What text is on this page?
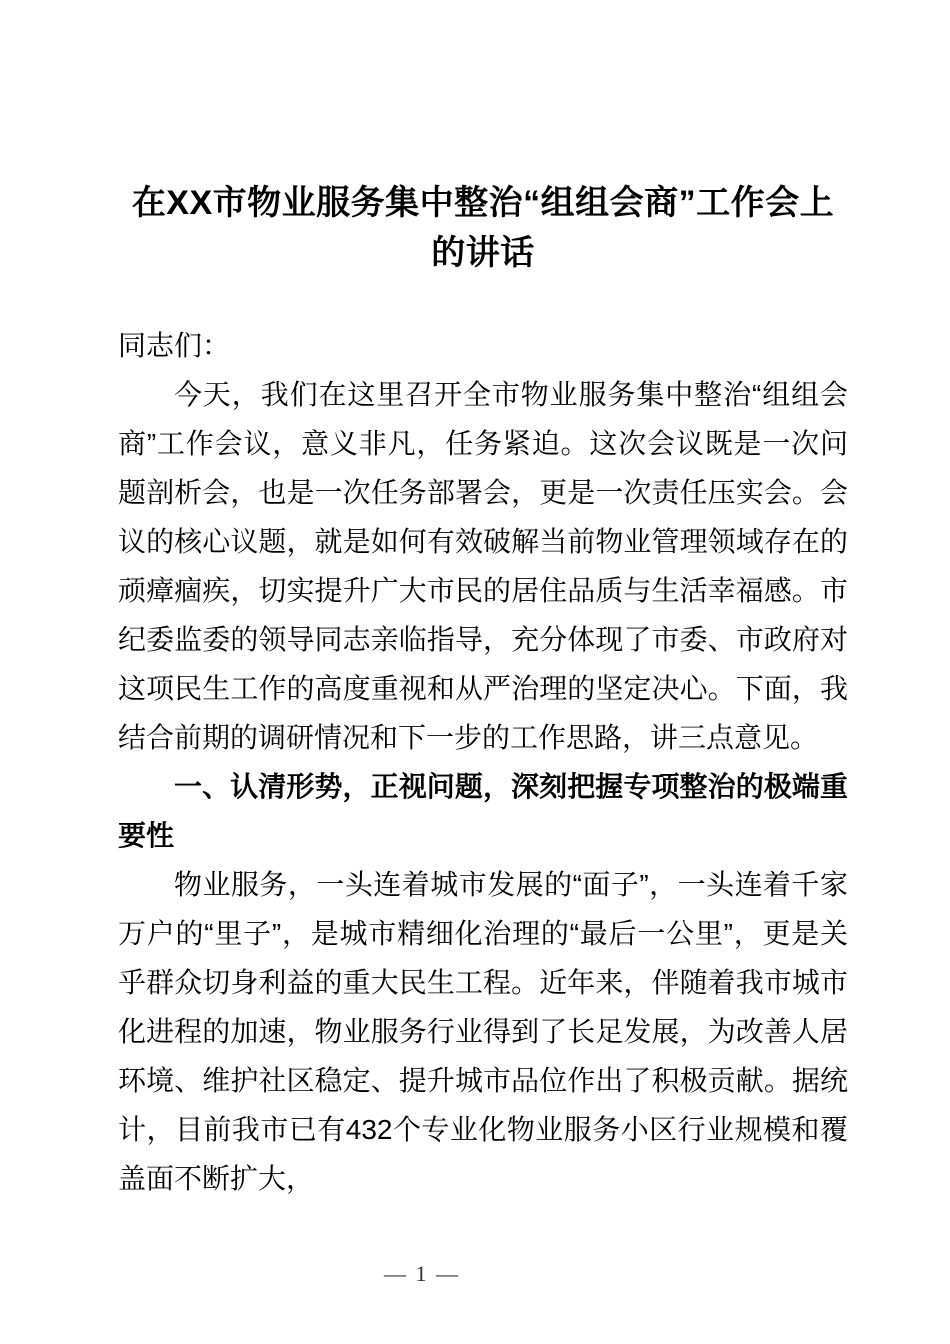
在XX市物业服务集中整治“组组会商”工作会上的讲话

同志们：

今天，我们在这里召开全市物业服务集中整治“组组会商”工作会议，意义非凡，任务紧迫。这次会议既是一次问题剖析会，也是一次任务部署会，更是一次责任压实会。会议的核心议题，就是如何有效破解当前物业管理领域存在的顽瘴痼疾，切实提升广大市民的居住品质与生活幸福感。市纪委监委的领导同志亲临指导，充分体现了市委、市政府对这项民生工作的高度重视和从严治理的坚定决心。下面，我结合前期的调研情况和下一步的工作思路，讲三点意见。

一、认清形势，正视问题，深刻把握专项整治的极端重要性

物业服务，一头连着城市发展的“面子”，一头连着千家万户的“里子”，是城市精细化治理的“最后一公里”，更是关乎群众切身利益的重大民生工程。近年来，伴随着我市城市化进程的加速，物业服务行业得到了长足发展，为改善人居环境、维护社区稳定、提升城市品位作出了积极贡献。据统计，目前我市已有432个专业化物业服务小区行业规模和覆盖面不断扩大，

— 1 —
